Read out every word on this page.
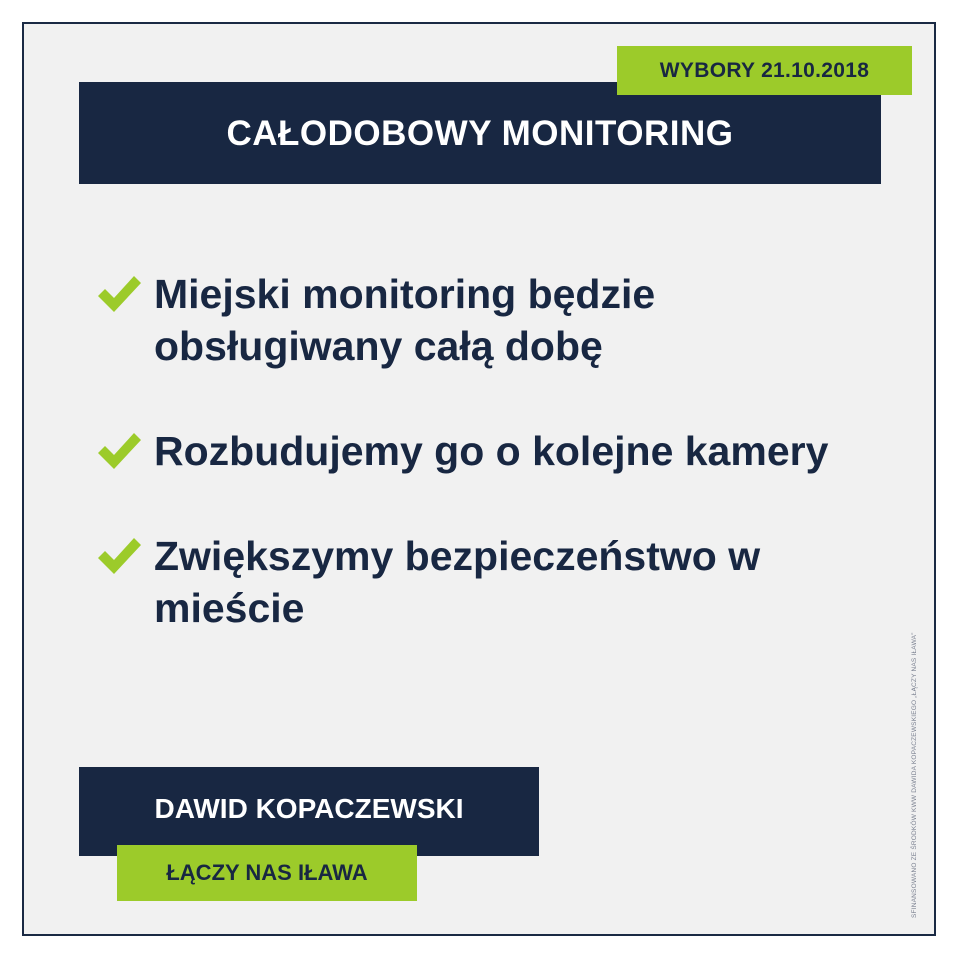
CAŁODOBOWY MONITORING
WYBORY 21.10.2018
Miejski monitoring będzie obsługiwany całą dobę
Rozbudujemy go o kolejne kamery
Zwiększymy bezpieczeństwo w mieście
DAWID KOPACZEWSKI
ŁĄCZY NAS IŁAWA	SFINANSOWANO ZE ŚRODKÓW KWW DAWIDA KOPACZEWSKIEGO „ŁĄCZY NAS IŁAWA”
